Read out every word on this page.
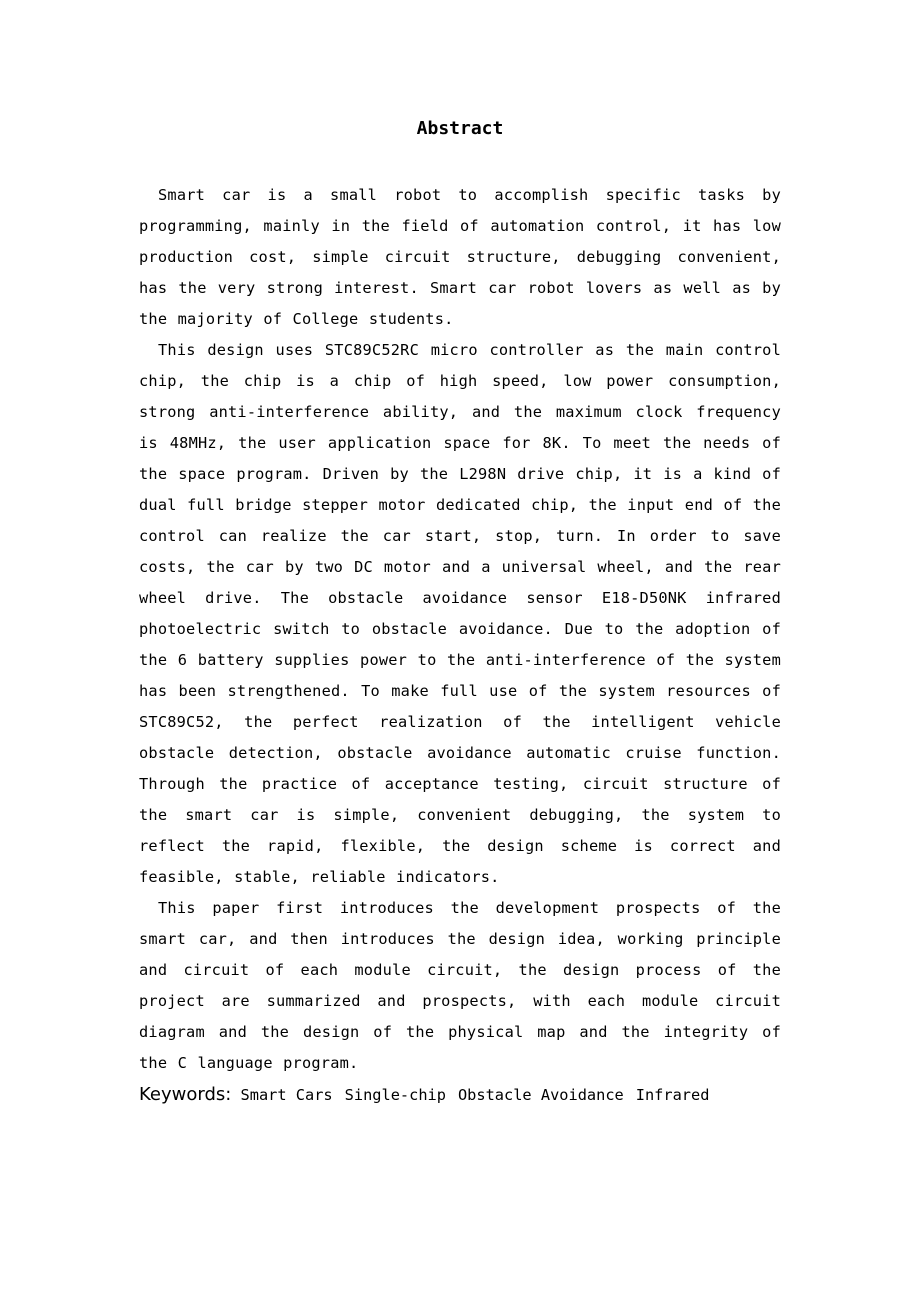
Abstract

Smart car is a small robot to accomplish specific tasks by programming, mainly in the field of automation control, it has low production cost, simple circuit structure, debugging convenient, has the very strong interest. Smart car robot lovers as well as by the majority of College students.

This design uses STC89C52RC micro controller as the main control chip, the chip is a chip of high speed, low power consumption, strong anti-interference ability, and the maximum clock frequency is 48MHz, the user application space for 8K. To meet the needs of the space program. Driven by the L298N drive chip, it is a kind of dual full bridge stepper motor dedicated chip, the input end of the control can realize the car start, stop, turn. In order to save costs, the car by two DC motor and a universal wheel, and the rear wheel drive. The obstacle avoidance sensor E18-D50NK infrared photoelectric switch to obstacle avoidance. Due to the adoption of the 6 battery supplies power to the anti-interference of the system has been strengthened. To make full use of the system resources of STC89C52, the perfect realization of the intelligent vehicle obstacle detection, obstacle avoidance automatic cruise function. Through the practice of acceptance testing, circuit structure of the smart car is simple, convenient debugging, the system to reflect the rapid, flexible, the design scheme is correct and feasible, stable, reliable indicators.

This paper first introduces the development prospects of the smart car, and then introduces the design idea, working principle and circuit of each module circuit, the design process of the project are summarized and prospects, with each module circuit diagram and the design of the physical map and the integrity of the C language program.

Keywords: Smart Cars Single-chip Obstacle Avoidance Infrared
